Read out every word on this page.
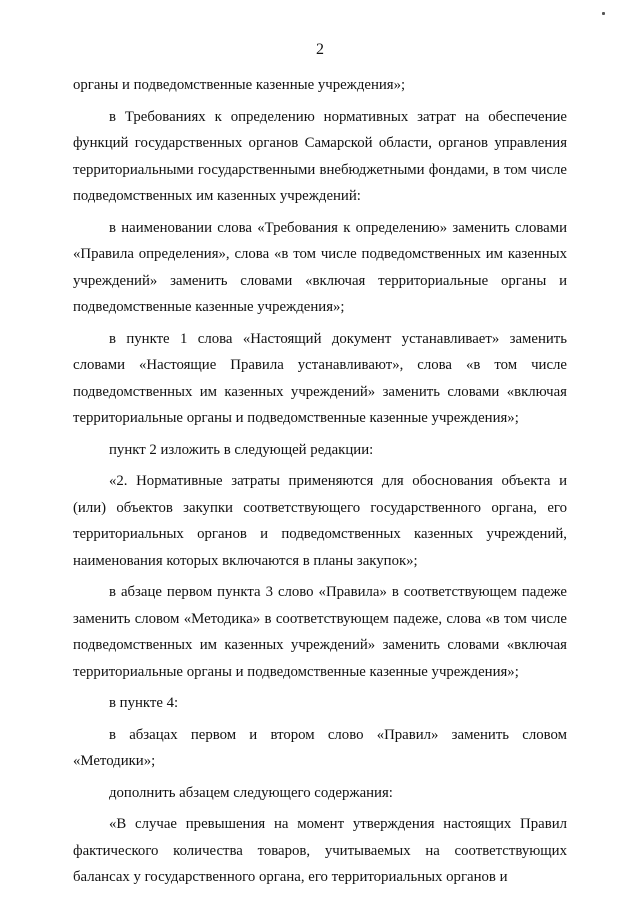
2

органы и подведомственные казенные учреждения»;

в Требованиях к определению нормативных затрат на обеспечение функций государственных органов Самарской области, органов управления территориальными государственными внебюджетными фондами, в том числе подведомственных им казенных учреждений:

в наименовании слова «Требования к определению» заменить словами «Правила определения», слова «в том числе подведомственных им казенных учреждений» заменить словами «включая территориальные органы и подведомственные казенные учреждения»;

в пункте 1 слова «Настоящий документ устанавливает» заменить словами «Настоящие Правила устанавливают», слова «в том числе подведомственных им казенных учреждений» заменить словами «включая территориальные органы и подведомственные казенные учреждения»;

пункт 2 изложить в следующей редакции:

«2. Нормативные затраты применяются для обоснования объекта и (или) объектов закупки соответствующего государственного органа, его территориальных органов и подведомственных казенных учреждений, наименования которых включаются в планы закупок»;

в абзаце первом пункта 3 слово «Правила» в соответствующем падеже заменить словом «Методика» в соответствующем падеже, слова «в том числе подведомственных им казенных учреждений» заменить словами «включая территориальные органы и подведомственные казенные учреждения»;

в пункте 4:

в абзацах первом и втором слово «Правил» заменить словом «Методики»;

дополнить абзацем следующего содержания:

«В случае превышения на момент утверждения настоящих Правил фактического количества товаров, учитываемых на соответствующих балансах у государственного органа, его территориальных органов и
